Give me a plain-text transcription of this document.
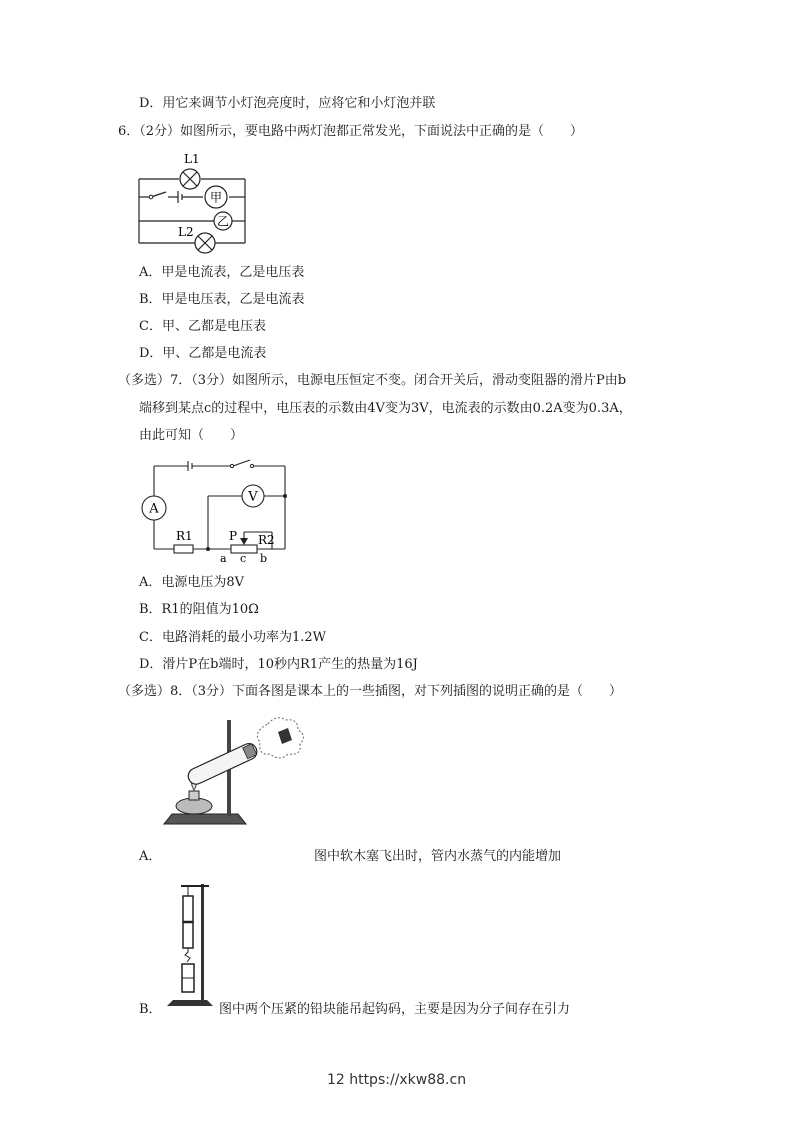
D．用它来调节小灯泡亮度时，应将它和小灯泡并联
6．（2分）如图所示，要电路中两灯泡都正常发光，下面说法中正确的是（　　）
L1
甲
乙
L2
A．甲是电流表，乙是电压表
B．甲是电压表，乙是电流表
C．甲、乙都是电压表
D．甲、乙都是电流表
（多选）7．（3分）如图所示，电源电压恒定不变。闭合开关后，滑动变阻器的滑片P由b
端移到某点c的过程中，电压表的示数由4V变为3V，电流表的示数由0.2A变为0.3A，
由此可知（　　）
A
V
R1	P R2
a c b
A．电源电压为8V
B．R1的阻值为10Ω
C．电路消耗的最小功率为1.2W
D．滑片P在b端时，10秒内R1产生的热量为16J
（多选）8．（3分）下面各图是课本上的一些插图，对下列插图的说明正确的是（　　）
A．	图中软木塞飞出时，管内水蒸气的内能增加
B．	图中两个压紧的铅块能吊起钩码，主要是因为分子间存在引力
12 https://xkw88.cn
